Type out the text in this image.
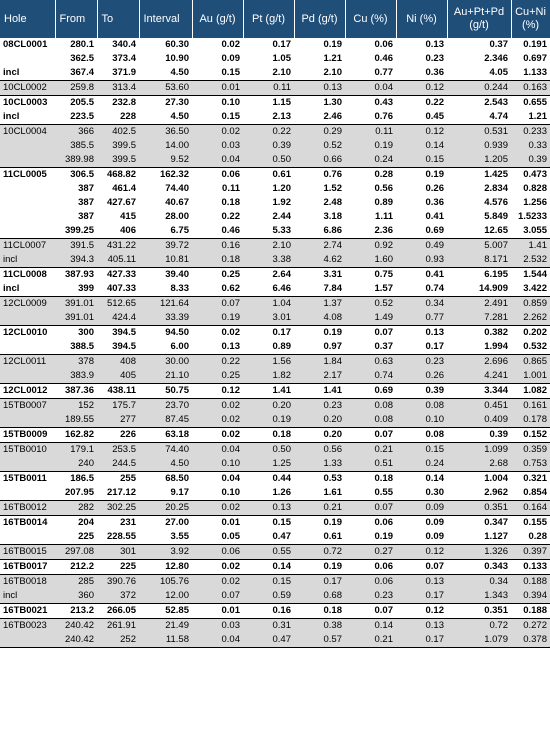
Hole	From	To	Interval	Au (g/t)	Pt (g/t)	Pd (g/t)	Cu (%)	Ni (%)	Au+Pt+Pd (g/t)	Cu+Ni (%)
08CL0001	280.1	340.4	60.30	0.02	0.17	0.19	0.06	0.13	0.37	0.191
	362.5	373.4	10.90	0.09	1.05	1.21	0.46	0.23	2.346	0.697
incl	367.4	371.9	4.50	0.15	2.10	2.10	0.77	0.36	4.05	1.133
10CL0002	259.8	313.4	53.60	0.01	0.11	0.13	0.04	0.12	0.244	0.163
10CL0003	205.5	232.8	27.30	0.10	1.15	1.30	0.43	0.22	2.543	0.655
incl	223.5	228	4.50	0.15	2.13	2.46	0.76	0.45	4.74	1.21
10CL0004	366	402.5	36.50	0.02	0.22	0.29	0.11	0.12	0.531	0.233
	385.5	399.5	14.00	0.03	0.39	0.52	0.19	0.14	0.939	0.33
	389.98	399.5	9.52	0.04	0.50	0.66	0.24	0.15	1.205	0.39
11CL0005	306.5	468.82	162.32	0.06	0.61	0.76	0.28	0.19	1.425	0.473
	387	461.4	74.40	0.11	1.20	1.52	0.56	0.26	2.834	0.828
	387	427.67	40.67	0.18	1.92	2.48	0.89	0.36	4.576	1.256
	387	415	28.00	0.22	2.44	3.18	1.11	0.41	5.849	1.5233
	399.25	406	6.75	0.46	5.33	6.86	2.36	0.69	12.65	3.055
11CL0007	391.5	431.22	39.72	0.16	2.10	2.74	0.92	0.49	5.007	1.41
incl	394.3	405.11	10.81	0.18	3.38	4.62	1.60	0.93	8.171	2.532
11CL0008	387.93	427.33	39.40	0.25	2.64	3.31	0.75	0.41	6.195	1.544
incl	399	407.33	8.33	0.62	6.46	7.84	1.57	0.74	14.909	3.422
12CL0009	391.01	512.65	121.64	0.07	1.04	1.37	0.52	0.34	2.491	0.859
	391.01	424.4	33.39	0.19	3.01	4.08	1.49	0.77	7.281	2.262
12CL0010	300	394.5	94.50	0.02	0.17	0.19	0.07	0.13	0.382	0.202
	388.5	394.5	6.00	0.13	0.89	0.97	0.37	0.17	1.994	0.532
12CL0011	378	408	30.00	0.22	1.56	1.84	0.63	0.23	2.696	0.865
	383.9	405	21.10	0.25	1.82	2.17	0.74	0.26	4.241	1.001
12CL0012	387.36	438.11	50.75	0.12	1.41	1.41	0.69	0.39	3.344	1.082
15TB0007	152	175.7	23.70	0.02	0.20	0.23	0.08	0.08	0.451	0.161
	189.55	277	87.45	0.02	0.19	0.20	0.08	0.10	0.409	0.178
15TB0009	162.82	226	63.18	0.02	0.18	0.20	0.07	0.08	0.39	0.152
15TB0010	179.1	253.5	74.40	0.04	0.50	0.56	0.21	0.15	1.099	0.359
	240	244.5	4.50	0.10	1.25	1.33	0.51	0.24	2.68	0.753
15TB0011	186.5	255	68.50	0.04	0.44	0.53	0.18	0.14	1.004	0.321
	207.95	217.12	9.17	0.10	1.26	1.61	0.55	0.30	2.962	0.854
16TB0012	282	302.25	20.25	0.02	0.13	0.21	0.07	0.09	0.351	0.164
16TB0014	204	231	27.00	0.01	0.15	0.19	0.06	0.09	0.347	0.155
	225	228.55	3.55	0.05	0.47	0.61	0.19	0.09	1.127	0.28
16TB0015	297.08	301	3.92	0.06	0.55	0.72	0.27	0.12	1.326	0.397
16TB0017	212.2	225	12.80	0.02	0.14	0.19	0.06	0.07	0.343	0.133
16TB0018	285	390.76	105.76	0.02	0.15	0.17	0.06	0.13	0.34	0.188
incl	360	372	12.00	0.07	0.59	0.68	0.23	0.17	1.343	0.394
16TB0021	213.2	266.05	52.85	0.01	0.16	0.18	0.07	0.12	0.351	0.188
16TB0023	240.42	261.91	21.49	0.03	0.31	0.38	0.14	0.13	0.72	0.272
	240.42	252	11.58	0.04	0.47	0.57	0.21	0.17	1.079	0.378
